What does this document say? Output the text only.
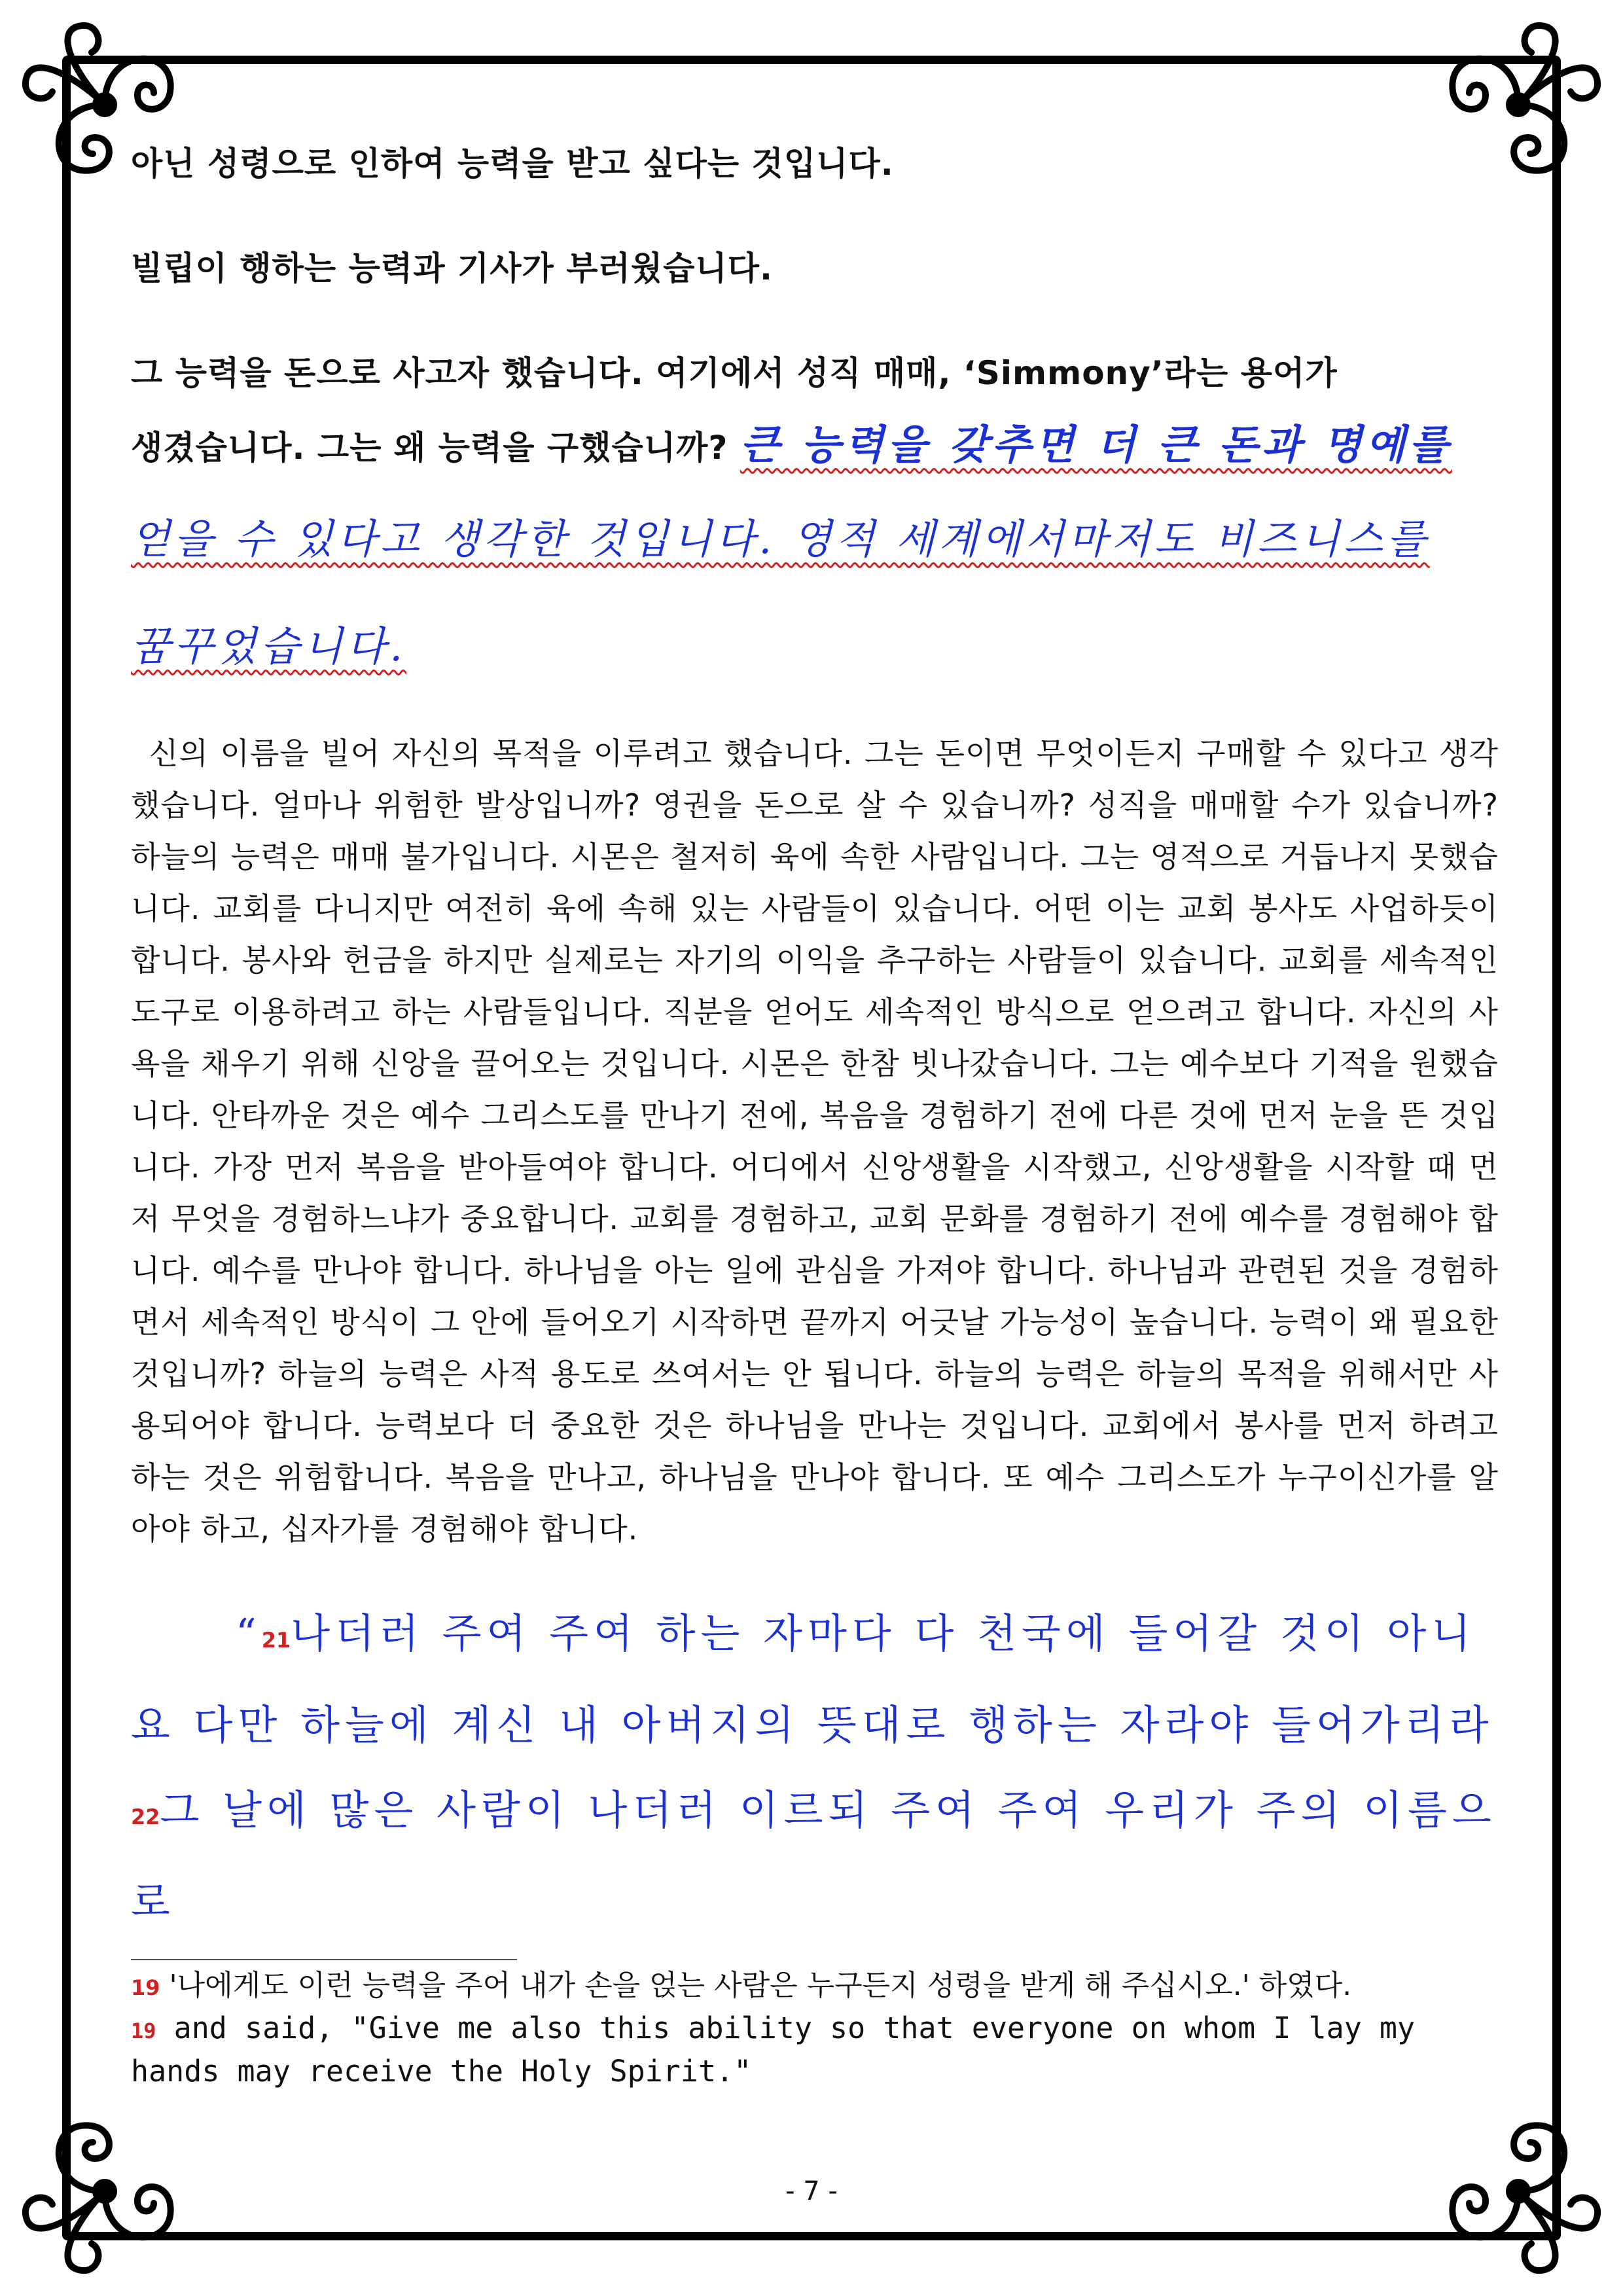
아닌 성령으로 인하여 능력을 받고 싶다는 것입니다.

빌립이 행하는 능력과 기사가 부러웠습니다.

그 능력을 돈으로 사고자 했습니다. 여기에서 성직 매매, ‘Simmony’라는 용어가

생겼습니다. 그는 왜 능력을 구했습니까? 큰 능력을 갖추면 더 큰 돈과 명예를

얻을 수 있다고 생각한 것입니다. 영적 세계에서마저도 비즈니스를

꿈꾸었습니다.

신의 이름을 빌어 자신의 목적을 이루려고 했습니다. 그는 돈이면 무엇이든지 구매할 수 있다고 생각했습니다. 얼마나 위험한 발상입니까? 영권을 돈으로 살 수 있습니까? 성직을 매매할 수가 있습니까? 하늘의 능력은 매매 불가입니다. 시몬은 철저히 육에 속한 사람입니다. 그는 영적으로 거듭나지 못했습니다. 교회를 다니지만 여전히 육에 속해 있는 사람들이 있습니다. 어떤 이는 교회 봉사도 사업하듯이 합니다. 봉사와 헌금을 하지만 실제로는 자기의 이익을 추구하는 사람들이 있습니다. 교회를 세속적인 도구로 이용하려고 하는 사람들입니다. 직분을 얻어도 세속적인 방식으로 얻으려고 합니다. 자신의 사욕을 채우기 위해 신앙을 끌어오는 것입니다. 시몬은 한참 빗나갔습니다. 그는 예수보다 기적을 원했습니다. 안타까운 것은 예수 그리스도를 만나기 전에, 복음을 경험하기 전에 다른 것에 먼저 눈을 뜬 것입니다. 가장 먼저 복음을 받아들여야 합니다. 어디에서 신앙생활을 시작했고, 신앙생활을 시작할 때 먼저 무엇을 경험하느냐가 중요합니다. 교회를 경험하고, 교회 문화를 경험하기 전에 예수를 경험해야 합니다. 예수를 만나야 합니다. 하나님을 아는 일에 관심을 가져야 합니다. 하나님과 관련된 것을 경험하면서 세속적인 방식이 그 안에 들어오기 시작하면 끝까지 어긋날 가능성이 높습니다. 능력이 왜 필요한 것입니까? 하늘의 능력은 사적 용도로 쓰여서는 안 됩니다. 하늘의 능력은 하늘의 목적을 위해서만 사용되어야 합니다. 능력보다 더 중요한 것은 하나님을 만나는 것입니다. 교회에서 봉사를 먼저 하려고 하는 것은 위험합니다. 복음을 만나고, 하나님을 만나야 합니다. 또 예수 그리스도가 누구이신가를 알아야 하고, 십자가를 경험해야 합니다.

“21나더러 주여 주여 하는 자마다 다 천국에 들어갈 것이 아니요 다만 하늘에 계신 내 아버지의 뜻대로 행하는 자라야 들어가리라 22그 날에 많은 사람이 나더러 이르되 주여 주여 우리가 주의 이름으로

19 '나에게도 이런 능력을 주어 내가 손을 얹는 사람은 누구든지 성령을 받게 해 주십시오.' 하였다.

19 and said, "Give me also this ability so that everyone on whom I lay my hands may receive the Holy Spirit."

- 7 -
